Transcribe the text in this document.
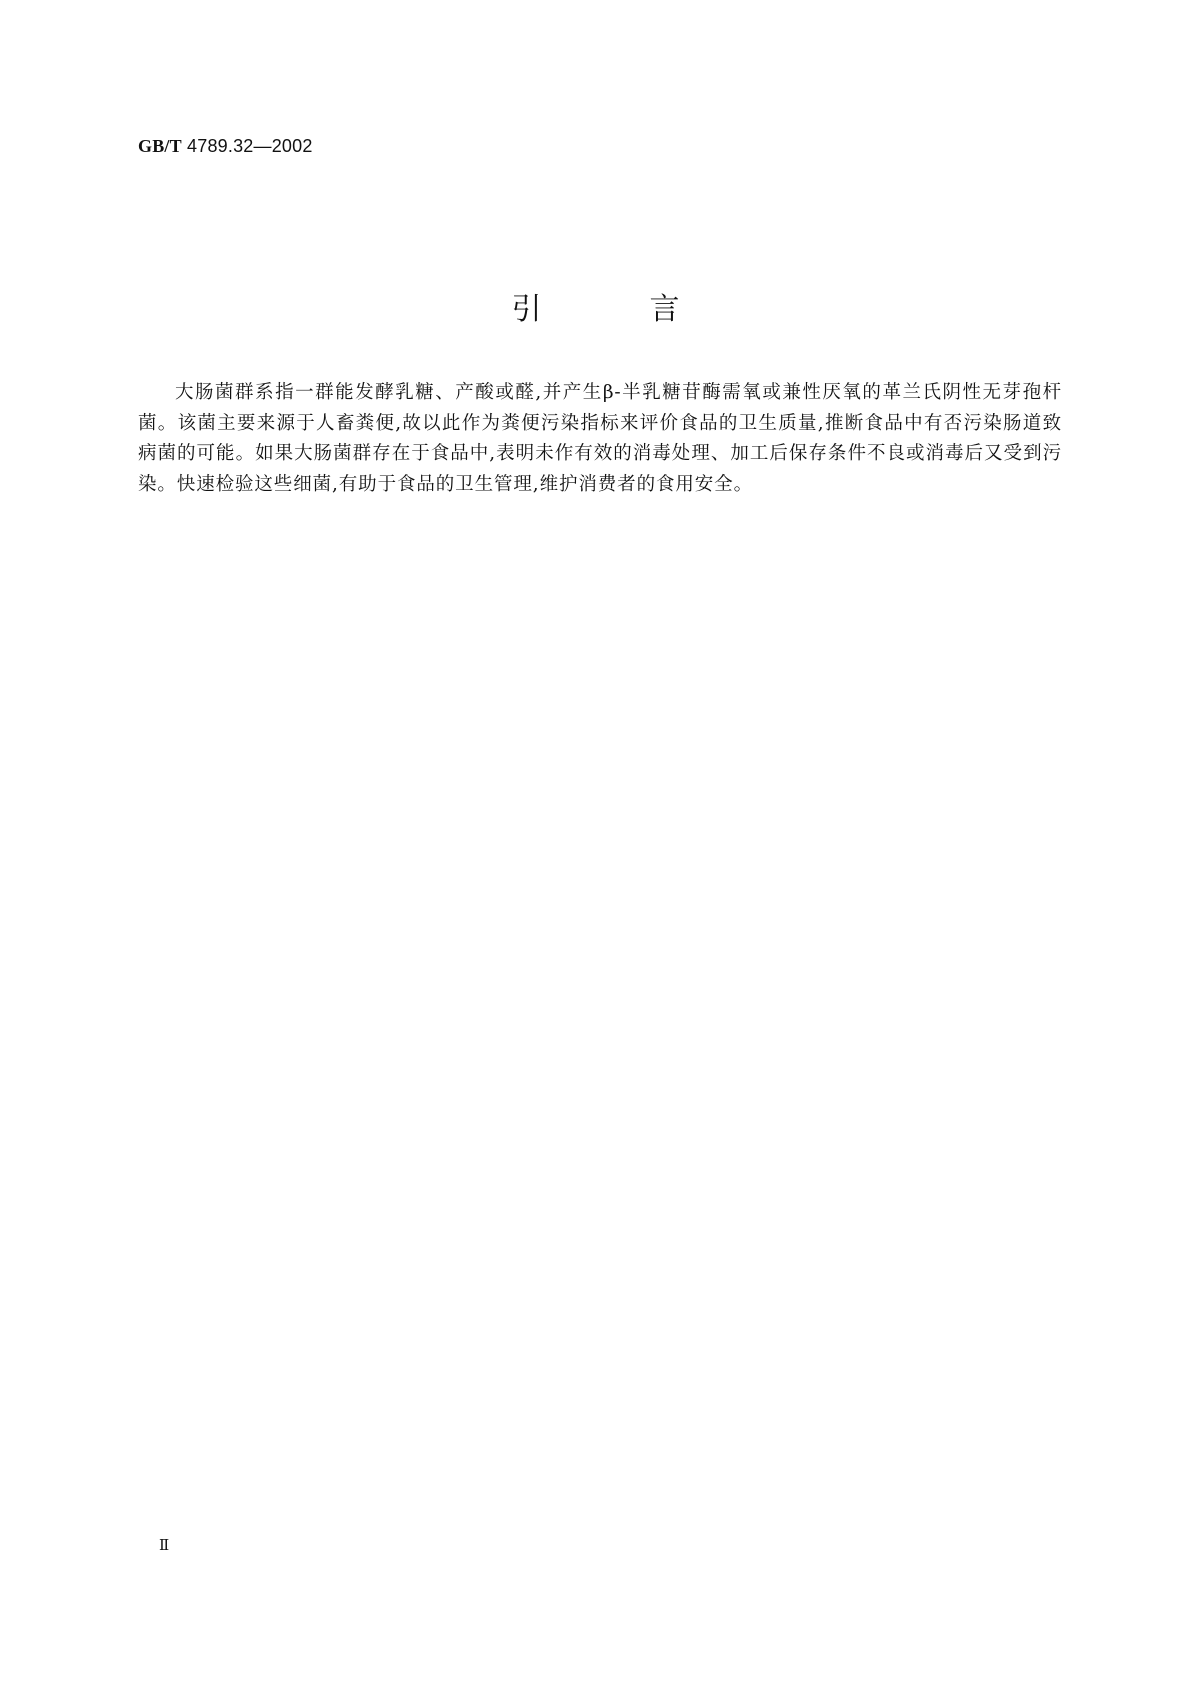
GB/T 4789.32—2002
引言

大肠菌群系指一群能发酵乳糖、产酸或醛,并产生β-半乳糖苷酶需氧或兼性厌氧的革兰氏阴性无芽孢杆菌。该菌主要来源于人畜粪便,故以此作为粪便污染指标来评价食品的卫生质量,推断食品中有否污染肠道致病菌的可能。如果大肠菌群存在于食品中,表明未作有效的消毒处理、加工后保存条件不良或消毒后又受到污染。快速检验这些细菌,有助于食品的卫生管理,维护消费者的食用安全。

Ⅱ
